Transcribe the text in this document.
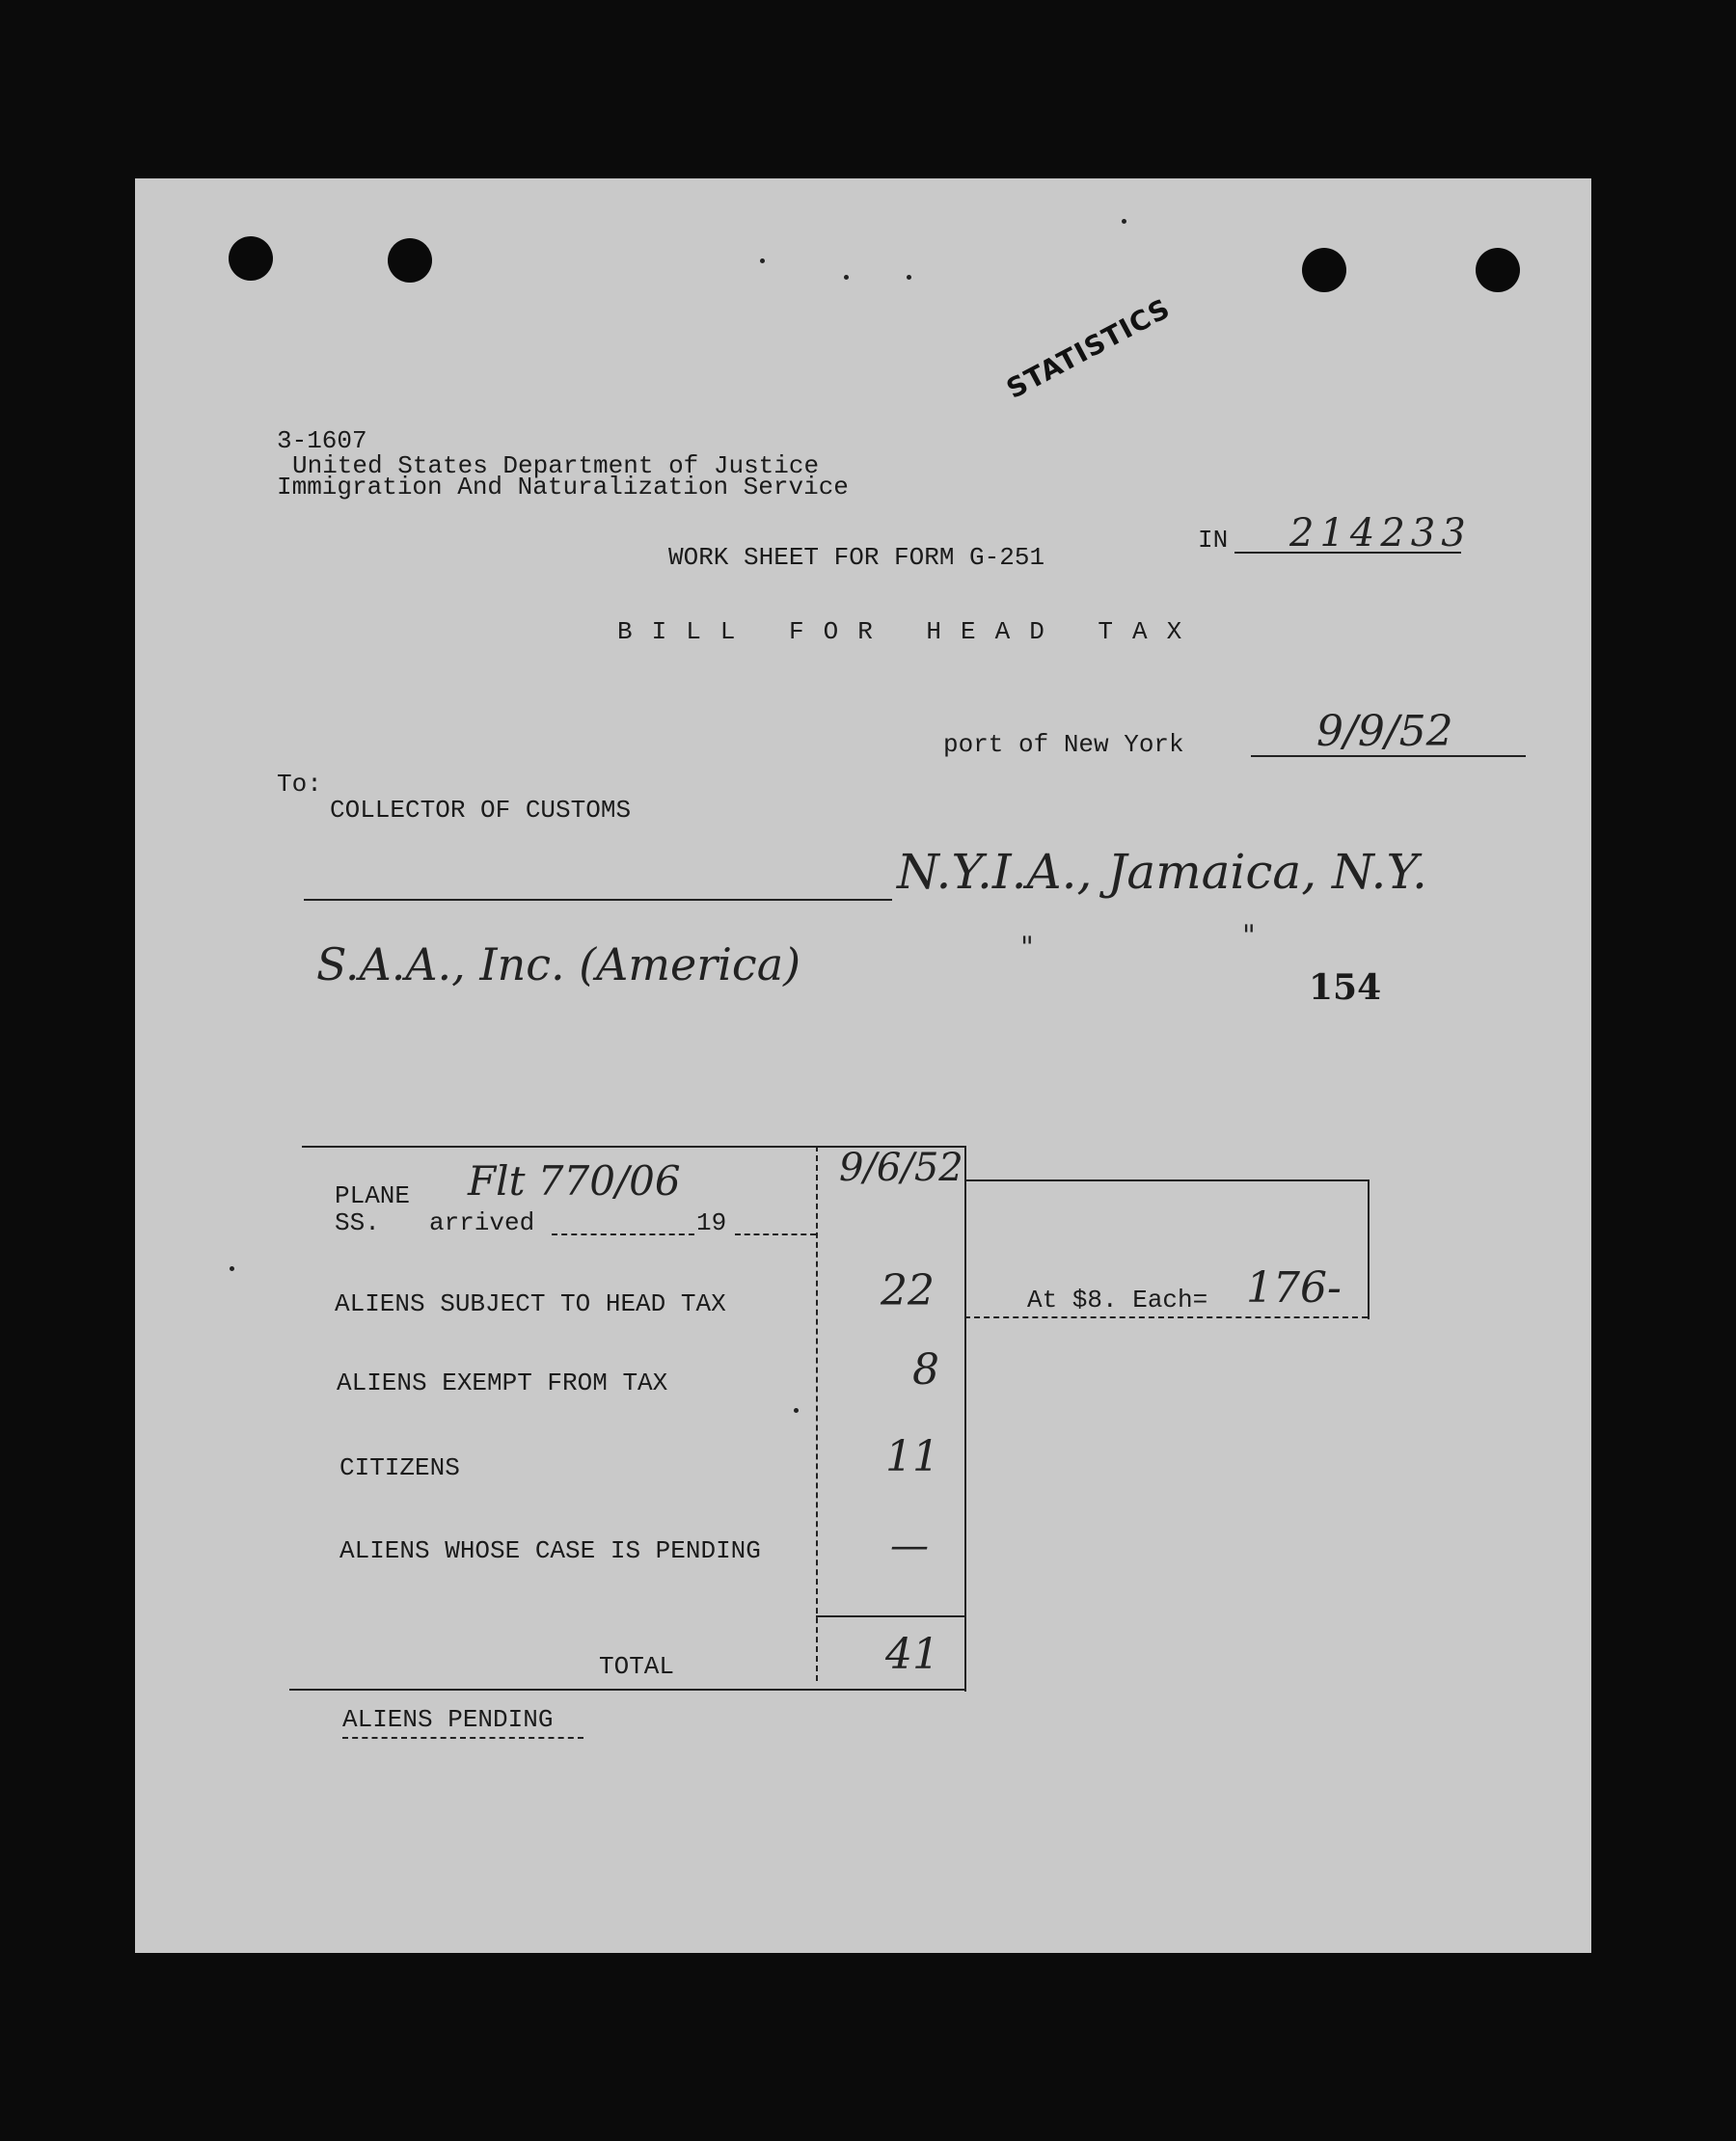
STATISTICS
3-1607
United States Department of Justice
Immigration And Naturalization Service
WORK SHEET FOR FORM G-251
IN 214233
BILL FOR HEAD TAX
port of New York	9/9/52
To:
COLLECTOR OF CUSTOMS
N.Y.I.A., Jamaica, N.Y.
S.A.A., Inc. (America)	"	"
154
PLANE Flt 770/06
SS. arrived	19
9/6/52
ALIENS SUBJECT TO HEAD TAX	22	At $8. Each= 176-
ALIENS EXEMPT FROM TAX	8
CITIZENS	11
ALIENS WHOSE CASE IS PENDING	—
TOTAL	41
ALIENS PENDING
